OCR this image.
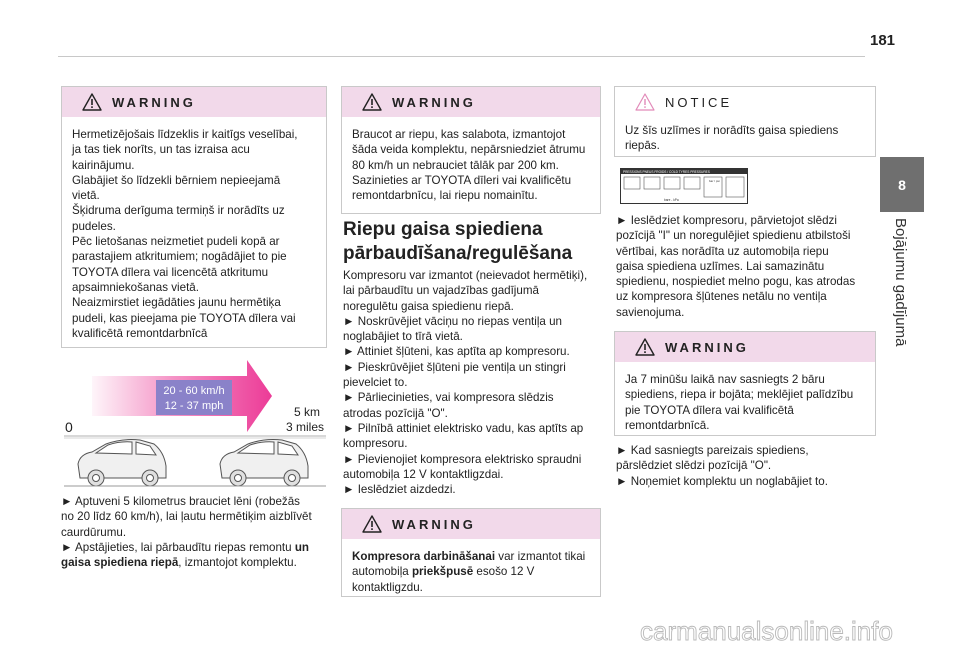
181
8
Bojājumu gadījumā
WARNING

Hermetizējošais līdzeklis ir kaitīgs veselībai,

ja tas tiek norīts, un tas izraisa acu

kairinājumu.

Glabājiet šo līdzekli bērniem nepieejamā

vietā.

Šķidruma derīguma termiņš ir norādīts uz

pudeles.

Pēc lietošanas neizmetiet pudeli kopā ar

parastajiem atkritumiem; nogādājiet to pie

TOYOTA dīlera vai licencētā atkritumu

apsaimniekošanas vietā.

Neaizmirstiet iegādāties jaunu hermētiķa

pudeli, kas pieejama pie TOYOTA dīlera vai

kvalificētā remontdarbnīcā

20 - 60 km/h
12 - 37 mph	5 km
3 miles
0

► Aptuveni 5 kilometrus brauciet lēni (robežās

no 20 līdz 60 km/h), lai ļautu hermētiķim aizblīvēt

caurdūrumu.

► Apstājieties, lai pārbaudītu riepas remontu un

gaisa spiediena riepā, izmantojot komplektu.

WARNING

Braucot ar riepu, kas salabota, izmantojot

šāda veida komplektu, nepārsniedziet ātrumu

80 km/h un nebrauciet tālāk par 200 km.

Sazinieties ar TOYOTA dīleri vai kvalificētu

remontdarbnīcu, lai riepu nomainītu.

Riepu gaisa spiediena
pārbaudīšana/regulēšana

Kompresoru var izmantot (neievadot hermētiķi),

lai pārbaudītu un vajadzības gadījumā

noregulētu gaisa spiedienu riepā.

► Noskrūvējiet vāciņu no riepas ventiļa un

noglabājiet to tīrā vietā.

► Attiniet šļūteni, kas aptīta ap kompresoru.

► Pieskrūvējiet šļūteni pie ventiļa un stingri

pievelciet to.

► Pārliecinieties, vai kompresora slēdzis

atrodas pozīcijā "O".

► Pilnībā attiniet elektrisko vadu, kas aptīts ap

kompresoru.

► Pievienojiet kompresora elektrisko spraudni

automobiļa 12 V kontaktligzdai.

► Ieslēdziet aizdedzi.

WARNING

Kompresora darbināšanai var izmantot tikai

automobiļa priekšpusē esošo 12 V

kontaktligzdu.

NOTICE

Uz šīs uzlīmes ir norādīts gaisa spiediens

riepās.

PRESSIONS PNEUS FROIDS / COLD TYRES PRESSURES
bar / psi
bare - kPa

► Ieslēdziet kompresoru, pārvietojot slēdzi

pozīcijā "I" un noregulējiet spiedienu atbilstoši

vērtībai, kas norādīta uz automobiļa riepu

gaisa spiediena uzlīmes. Lai samazinātu

spiedienu, nospiediet melno pogu, kas atrodas

uz kompresora šļūtenes netālu no ventiļa

savienojuma.

WARNING

Ja 7 minūšu laikā nav sasniegts 2 bāru

spiediens, riepa ir bojāta; meklējiet palīdzību

pie TOYOTA dīlera vai kvalificētā

remontdarbnīcā.

► Kad sasniegts pareizais spiediens,

pārslēdziet slēdzi pozīcijā "O".

► Noņemiet komplektu un noglabājiet to.

carmanualsonline.info
